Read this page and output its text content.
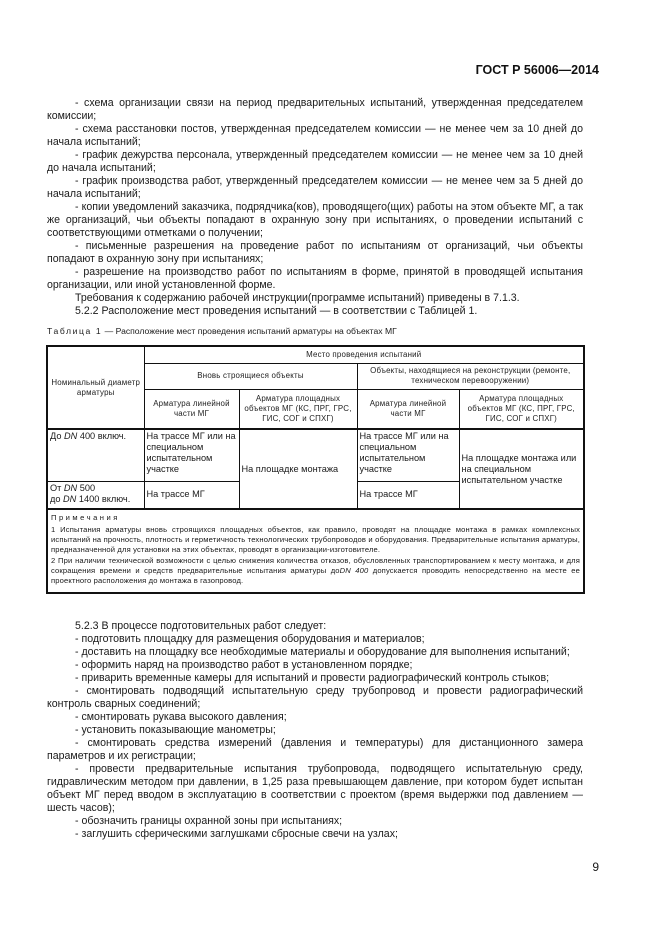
ГОСТ Р 56006—2014

- схема организации связи на период предварительных испытаний, утвержденная председателем комиссии;

- схема расстановки постов, утвержденная председателем комиссии — не менее чем за 10 дней до начала испытаний;

- график дежурства персонала, утвержденный председателем комиссии — не менее чем за 10 дней до начала испытаний;

- график производства работ, утвержденный председателем комиссии — не менее чем за 5 дней до начала испытаний;

- копии уведомлений заказчика, подрядчика(ков), проводящего(щих) работы на этом объекте МГ, а так же организаций, чьи объекты попадают в охранную зону при испытаниях, о проведении испытаний с соответствующими отметками о получении;

- письменные разрешения на проведение работ по испытаниям от организаций, чьи объекты попадают в охранную зону при испытаниях;

- разрешение на производство работ по испытаниям в форме, принятой в проводящей испытания организации, или иной установленной форме.

Требования к содержанию рабочей инструкции(программе испытаний) приведены в 7.1.3.

5.2.2 Расположение мест проведения испытаний — в соответствии с Таблицей 1.

Таблица 1 — Расположение мест проведения испытаний арматуры на объектах МГ
Номинальный диаметр арматуры	Место проведения испытаний			
	Вновь строящиеся объекты		Объекты, находящиеся на реконструкции (ремонте, техническом перевооружении)	
	Арматура линейной части МГ	Арматура площадных объектов МГ (КС, ПРГ, ГРС, ГИС, СОГ и СПХГ)	Арматура линейной части МГ	Арматура площадных объектов МГ (КС, ПРГ, ГРС, ГИС, СОГ и СПХГ)
До DN 400 включ.	На трассе МГ или на специальном испытательном участке	На площадке монтажа	На трассе МГ или на специальном испытательном участке	На площадке монтажа или на специальном испытательном участке
От DN 500
до DN 1400 включ.	На трассе МГ		На трассе МГ	

Примечания

1 Испытания арматуры вновь строящихся площадных объектов, как правило, проводят на площадке монтажа в рамках комплексных испытаний на прочность, плотность и герметичность технологических трубопроводов и оборудования. Предварительные испытания арматуры, предназначенной для установки на этих объектах, проводят в организации-изготовителе.

2 При наличии технической возможности с целью снижения количества отказов, обусловленных транспортированием к месту монтажа, и для сокращения времени и средств предварительные испытания арматуры доDN 400 допускается проводить непосредственно на месте ее проектного расположения до монтажа в газопровод.				

5.2.3 В процессе подготовительных работ следует:

- подготовить площадку для размещения оборудования и материалов;

- доставить на площадку все необходимые материалы и оборудование для выполнения испытаний;

- оформить наряд на производство работ в установленном порядке;

- приварить временные камеры для испытаний и провести радиографический контроль стыков;

- смонтировать подводящий испытательную среду трубопровод и провести радиографический контроль сварных соединений;

- смонтировать рукава высокого давления;

- установить показывающие манометры;

- смонтировать средства измерений (давления и температуры) для дистанционного замера параметров и их регистрации;

- провести предварительные испытания трубопровода, подводящего испытательную среду, гидравлическим методом при давлении, в 1,25 раза превышающем давление, при котором будет испытан объект МГ перед вводом в эксплуатацию в соответствии с проектом (время выдержки под давлением — шесть часов);

- обозначить границы охранной зоны при испытаниях;

- заглушить сферическими заглушками сбросные свечи на узлах;

9
